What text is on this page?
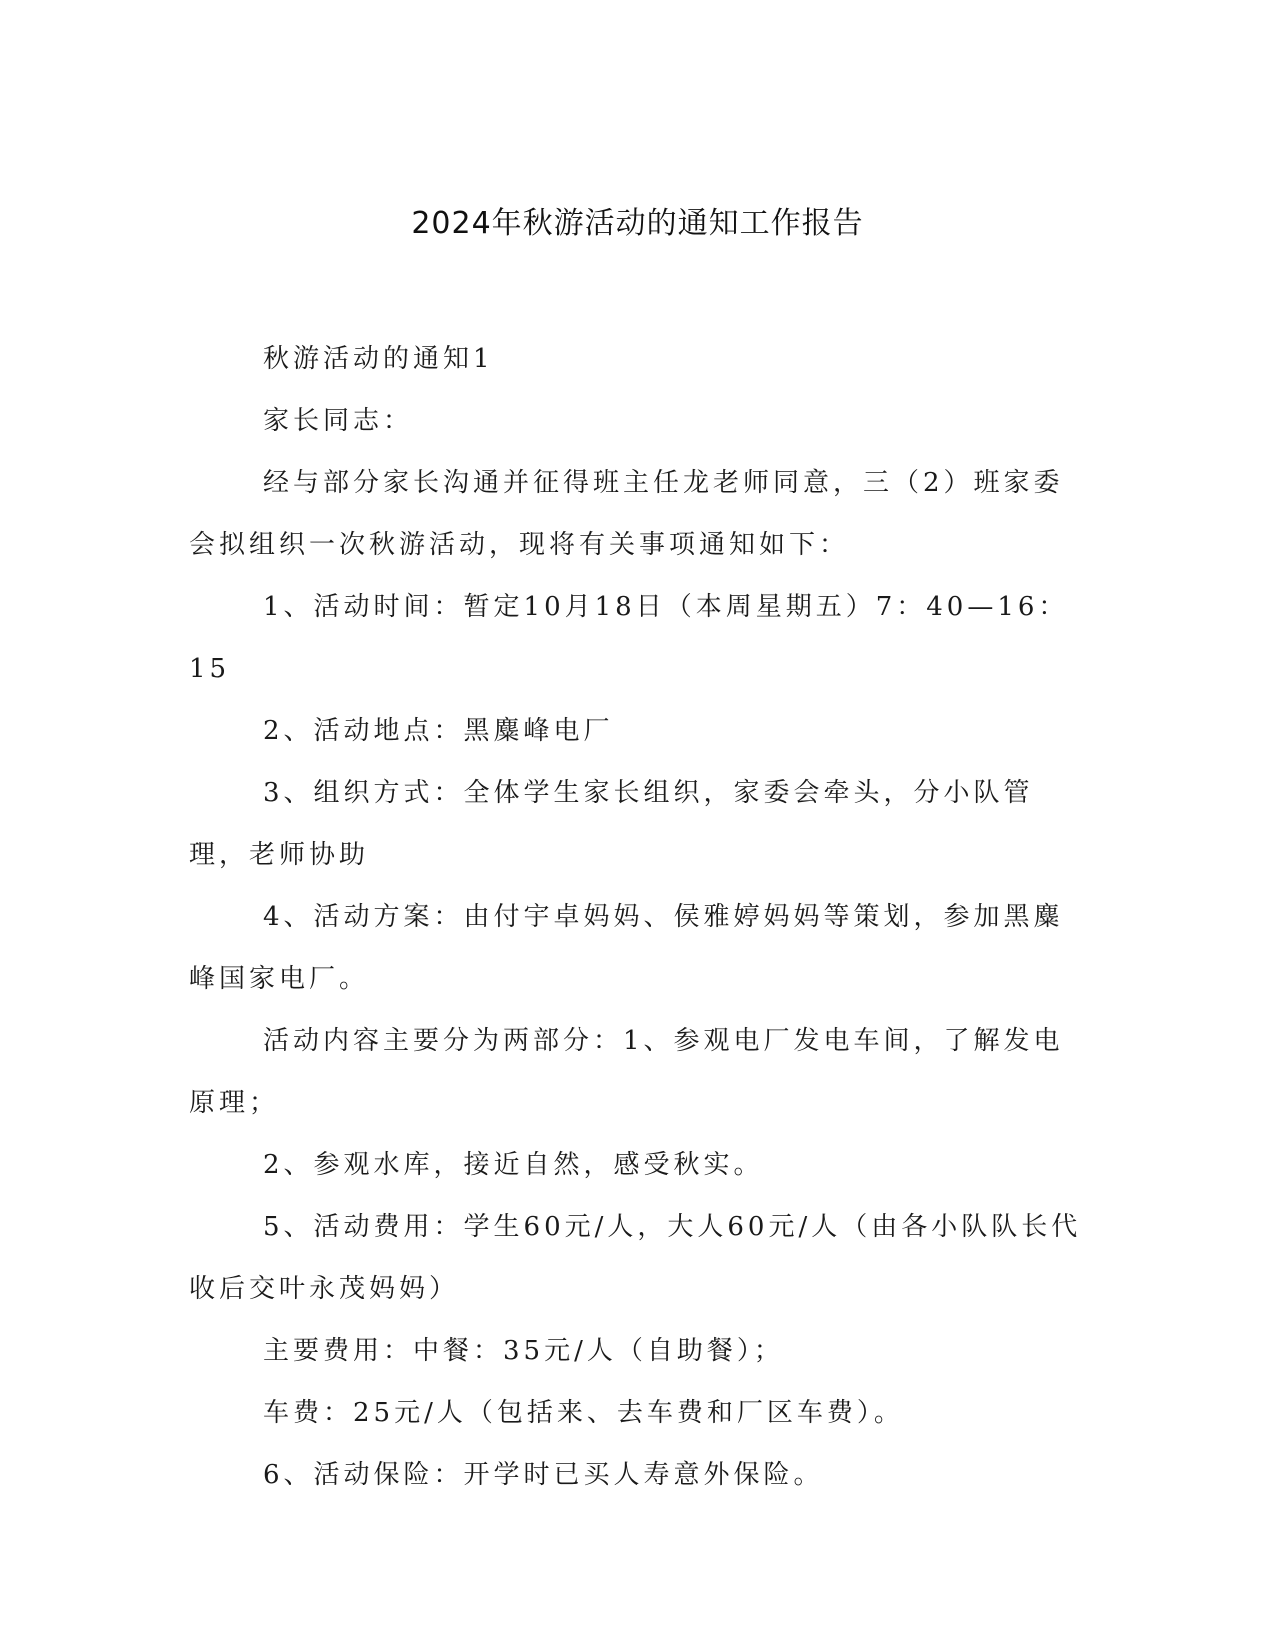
2024年秋游活动的通知工作报告

秋游活动的通知1

家长同志：

经与部分家长沟通并征得班主任龙老师同意，三（2）班家委会拟组织一次秋游活动，现将有关事项通知如下：

1、活动时间：暂定10月18日（本周星期五）7：40—16：15

2、活动地点：黑麋峰电厂

3、组织方式：全体学生家长组织，家委会牵头，分小队管理，老师协助

4、活动方案：由付宇卓妈妈、侯雅婷妈妈等策划，参加黑麋峰国家电厂。

活动内容主要分为两部分：1、参观电厂发电车间，了解发电原理；

2、参观水库，接近自然，感受秋实。

5、活动费用：学生60元/人，大人60元/人（由各小队队长代收后交叶永茂妈妈）

主要费用：中餐：35元/人（自助餐）；

车费：25元/人（包括来、去车费和厂区车费）。

6、活动保险：开学时已买人寿意外保险。
